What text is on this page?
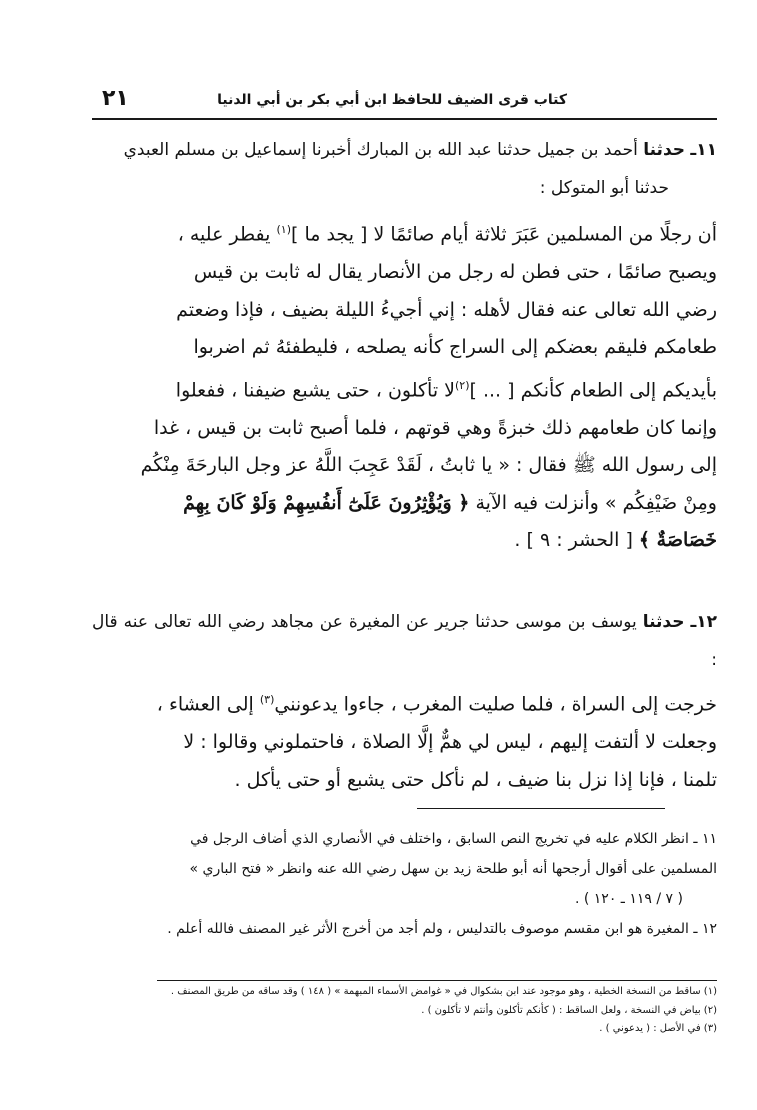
كتاب قرى الضيف للحافظ ابن أبي بكر بن أبي الدنيا
٢١
١١ـ حدثنا أحمد بن جميل حدثنا عبد الله بن المبارك أخبرنا إسماعيل بن مسلم العبدي
حدثنا أبو المتوكل :
أن رجلًا من المسلمين عَبَرَ ثلاثة أيام صائمًا لا [ يجد ما ]$^{(١)}$ يفطر عليه ،
ويصبح صائمًا ، حتى فطن له رجل من الأنصار يقال له ثابت بن قيس
رضي الله تعالى عنه فقال لأهله : إني أجيءُ الليلة بضيف ، فإذا وضعتم
طعامكم فليقم بعضكم إلى السراج كأنه يصلحه ، فليطفئهُ ثم اضربوا
بأيديكم إلى الطعام كأنكم [ ... ]$^{(٢)}$لا تأكلون ، حتى يشبع ضيفنا ، ففعلوا
وإنما كان طعامهم ذلك خبزةً وهي قوتهم ، فلما أصبح ثابت بن قيس ، غدا
إلى رسول الله ﷺ فقال : « يا ثابتُ ، لَقَدْ عَجِبَ اللَّهُ عز وجل البارحَةَ مِنْكُم
ومِنْ ضَيْفِكُم » وأنزلت فيه الآية ﴿ وَيُؤْثِرُونَ عَلَىٰٓ أَنفُسِهِمْ وَلَوْ كَانَ بِهِمْ
خَصَاصَةٌ ﴾ [ الحشر : ٩ ] .
١٢ـ حدثنا يوسف بن موسى حدثنا جرير عن المغيرة عن مجاهد رضي الله تعالى عنه قال :
خرجت إلى السراة ، فلما صليت المغرب ، جاءوا يدعونني$^{(٣)}$ إلى العشاء ،
وجعلت لا ألتفت إليهم ، ليس لي همٌّ إلَّا الصلاة ، فاحتملوني وقالوا : لا
تلمنا ، فإنا إذا نزل بنا ضيف ، لم نأكل حتى يشبع أو حتى يأكل .
١١ ـ انظر الكلام عليه في تخريج النص السابق ، واختلف في الأنصاري الذي أضاف الرجل في
المسلمين على أقوال أرجحها أنه أبو طلحة زيد بن سهل رضي الله عنه وانظر « فتح الباري »
( ٧ / ١١٩ ـ ١٢٠ ) .
١٢ ـ المغيرة هو ابن مقسم موصوف بالتدليس ، ولم أجد من أخرج الأثر غير المصنف فالله أعلم .
(١) ساقط من النسخة الخطية ، وهو موجود عند ابن بشكوال في « غوامض الأسماء المبهمة » ( ١٤٨ ) وقد ساقه من طريق المصنف .
(٢) بياض في النسخة ، ولعل الساقط : ( كأنكم تأكلون وأنتم لا تأكلون ) .
(٣) في الأصل : ( يدعوني ) .
